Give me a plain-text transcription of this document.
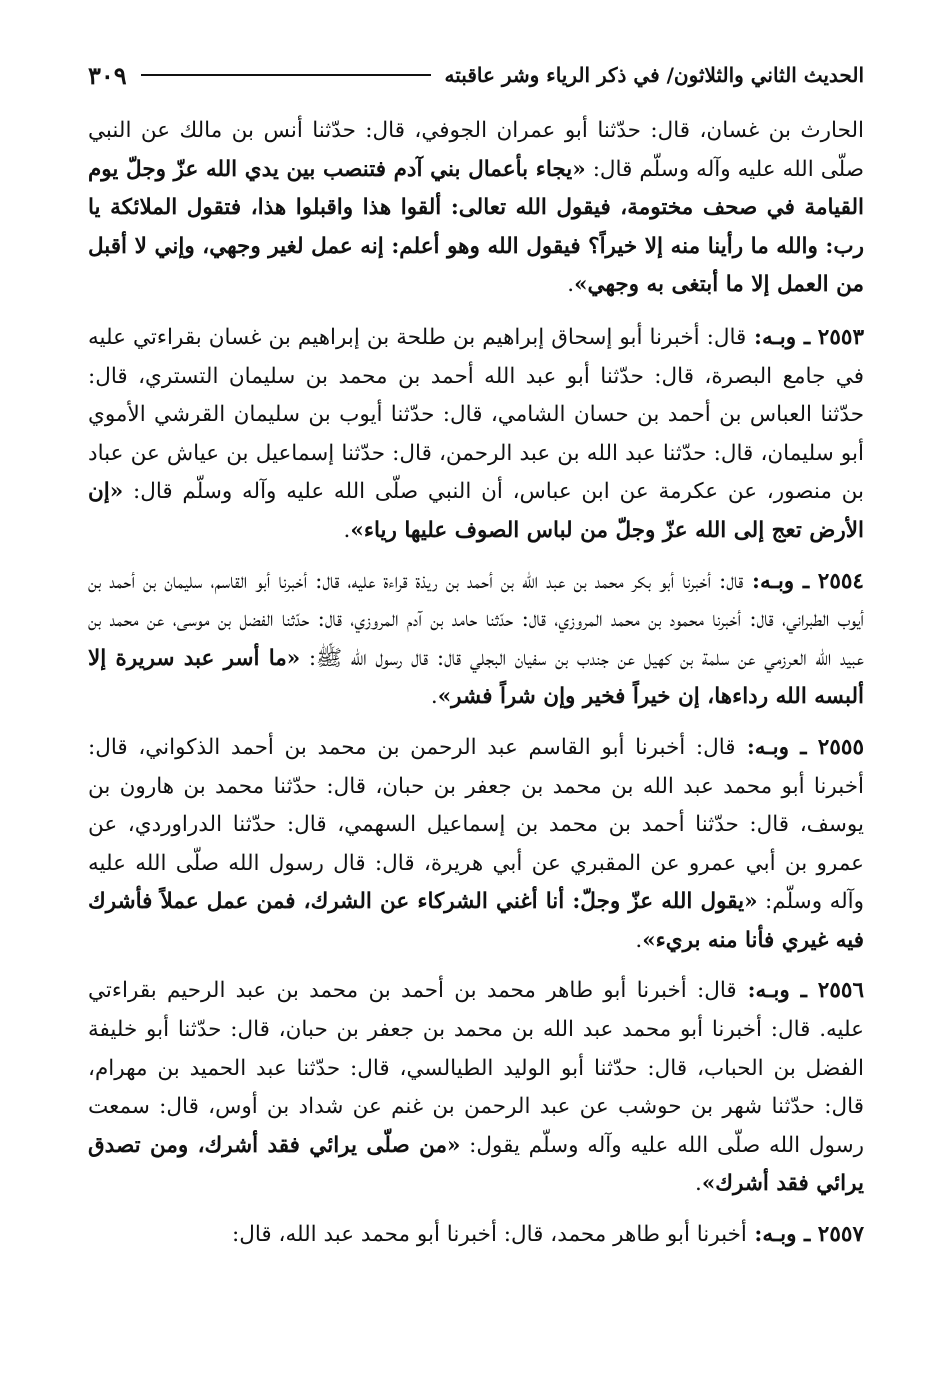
الحديث الثاني والثلاثون/ في ذكر الرياء وشر عاقبته
٣٠٩

الحارث بن غسان، قال: حدّثنا أبو عمران الجوفي، قال: حدّثنا أنس بن مالك عن النبي صلّى الله عليه وآله وسلّم قال: «يجاء بأعمال بني آدم فتنصب بين يدي الله عزّ وجلّ يوم القيامة في صحف مختومة، فيقول الله تعالى: ألقوا هذا واقبلوا هذا، فتقول الملائكة يا رب: والله ما رأينا منه إلا خيراً؟ فيقول الله وهو أعلم: إنه عمل لغير وجهي، وإني لا أقبل من العمل إلا ما أبتغى به وجهي».

٢٥٥٣ ـ وبـه: قال: أخبرنا أبو إسحاق إبراهيم بن طلحة بن إبراهيم بن غسان بقراءتي عليه في جامع البصرة، قال: حدّثنا أبو عبد الله أحمد بن محمد بن سليمان التستري، قال: حدّثنا العباس بن أحمد بن حسان الشامي، قال: حدّثنا أيوب بن سليمان القرشي الأموي أبو سليمان، قال: حدّثنا عبد الله بن عبد الرحمن، قال: حدّثنا إسماعيل بن عياش عن عباد بن منصور، عن عكرمة عن ابن عباس، أن النبي صلّى الله عليه وآله وسلّم قال: «إن الأرض تعج إلى الله عزّ وجلّ من لباس الصوف عليها رياء».

٢٥٥٤ ـ وبـه: قال: أخبرنا أبو بكر محمد بن عبد الله بن أحمد بن ريذة قراءة عليه، قال: أخبرنا أبو القاسم، سليمان بن أحمد بن أيوب الطبراني، قال: أخبرنا محمود بن محمد المروزي، قال: حدّثنا حامد بن آدم المروزي، قال: حدّثنا الفضل بن موسى، عن محمد بن عبيد الله العرزمي عن سلمة بن كهيل عن جندب بن سفيان البجلي قال: قال رسول الله ﷺ: «ما أسر عبد سريرة إلا ألبسه الله رداءها، إن خيراً فخير وإن شراً فشر».

٢٥٥٥ ـ وبـه: قال: أخبرنا أبو القاسم عبد الرحمن بن محمد بن أحمد الذكواني، قال: أخبرنا أبو محمد عبد الله بن محمد بن جعفر بن حبان، قال: حدّثنا محمد بن هارون بن يوسف، قال: حدّثنا أحمد بن محمد بن إسماعيل السهمي، قال: حدّثنا الدراوردي، عن عمرو بن أبي عمرو عن المقبري عن أبي هريرة، قال: قال رسول الله صلّى الله عليه وآله وسلّم: «يقول الله عزّ وجلّ: أنا أغني الشركاء عن الشرك، فمن عمل عملاً فأشرك فيه غيري فأنا منه بريء».

٢٥٥٦ ـ وبـه: قال: أخبرنا أبو طاهر محمد بن أحمد بن محمد بن عبد الرحيم بقراءتي عليه. قال: أخبرنا أبو محمد عبد الله بن محمد بن جعفر بن حبان، قال: حدّثنا أبو خليفة الفضل بن الحباب، قال: حدّثنا أبو الوليد الطيالسي، قال: حدّثنا عبد الحميد بن مهرام، قال: حدّثنا شهر بن حوشب عن عبد الرحمن بن غنم عن شداد بن أوس، قال: سمعت رسول الله صلّى الله عليه وآله وسلّم يقول: «من صلّى يرائي فقد أشرك، ومن تصدق يرائي فقد أشرك».

٢٥٥٧ ـ وبـه: أخبرنا أبو طاهر محمد، قال: أخبرنا أبو محمد عبد الله، قال:
